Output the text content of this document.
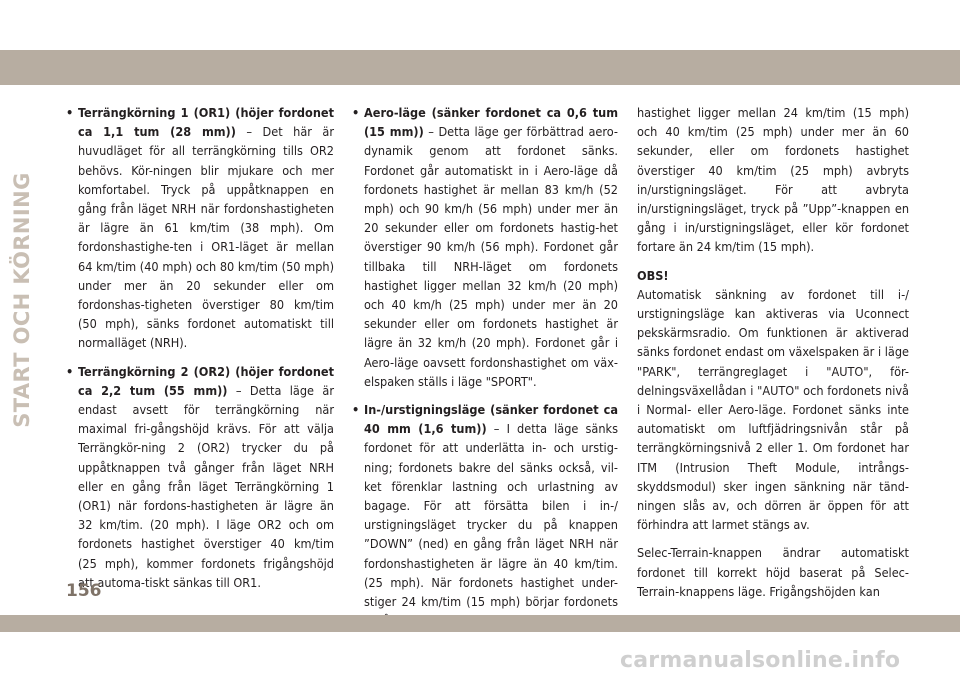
START OCH KÖRNING
• Terrängkörning 1 (OR1) (höjer fordonet ca 1,1 tum (28 mm)) – Det här är huvudläget för all terrängkörning tills OR2 behövs. Kör-ningen blir mjukare och mer komfortabel. Tryck på uppåtknappen en gång från läget NRH när fordonshastigheten är lägre än 61 km/tim (38 mph). Om fordonshastighe-ten i OR1-läget är mellan 64 km/tim (40 mph) och 80 km/tim (50 mph) under mer än 20 sekunder eller om fordonshas-tigheten överstiger 80 km/tim (50 mph), sänks fordonet automatiskt till normalläget (NRH).
• Terrängkörning 2 (OR2) (höjer fordonet ca 2,2 tum (55 mm)) – Detta läge är endast avsett för terrängkörning när maximal fri-gångshöjd krävs. För att välja Terrängkör-ning 2 (OR2) trycker du på uppåtknappen två gånger från läget NRH eller en gång från läget Terrängkörning 1 (OR1) när fordons-hastigheten är lägre än 32 km/tim. (20 mph). I läge OR2 och om fordonets hastighet överstiger 40 km/tim (25 mph), kommer fordonets frigångshöjd att automa-tiskt sänkas till OR1.
• Aero-läge (sänker fordonet ca 0,6 tum (15 mm)) – Detta läge ger förbättrad aero-dynamik genom att fordonet sänks. Fordonet går automatiskt in i Aero-läge då fordonets hastighet är mellan 83 km/h (52 mph) och 90 km/h (56 mph) under mer än 20 sekunder eller om fordonets hastig-het överstiger 90 km/h (56 mph). Fordonet går tillbaka till NRH-läget om fordonets hastighet ligger mellan 32 km/h (20 mph) och 40 km/h (25 mph) under mer än 20 sekunder eller om fordonets hastighet är lägre än 32 km/h (20 mph). Fordonet går i Aero-läge oavsett fordonshastighet om väx-elspaken ställs i läge "SPORT".
• In-/urstigningsläge (sänker fordonet ca 40 mm (1,6 tum)) – I detta läge sänks fordonet för att underlätta in- och urstig-ning; fordonets bakre del sänks också, vil-ket förenklar lastning och urlastning av bagage. För att försätta bilen i in-/ urstigningsläget trycker du på knappen ”DOWN” (ned) en gång från läget NRH när fordonshastigheten är lägre än 40 km/tim. (25 mph). När fordonets hastighet under-stiger 24 km/tim (15 mph) börjar fordonets

hastighet ligger mellan 24 km/tim (15 mph) och 40 km/tim (25 mph) under mer än 60 sekunder, eller om fordonets hastighet överstiger 40 km/tim (25 mph) avbryts in/urstigningsläget. För att avbryta in/urstigningsläget, tryck på ”Upp”-knappen en gång i in/urstigningsläget, eller kör fordonet fortare än 24 km/tim (15 mph).

OBS!

Automatisk sänkning av fordonet till i-/ urstigningsläge kan aktiveras via Uconnect pekskärmsradio. Om funktionen är aktiverad sänks fordonet endast om växelspaken är i läge "PARK", terrängreglaget i "AUTO", för-delningsväxellådan i "AUTO" och fordonets nivå i Normal- eller Aero-läge. Fordonet sänks inte automatiskt om luftfjädringsnivån står på terrängkörningsnivå 2 eller 1. Om fordonet har ITM (Intrusion Theft Module, intrångs-skyddsmodul) sker ingen sänkning när tänd-ningen slås av, och dörren är öppen för att förhindra att larmet stängs av.

Selec-Terrain-knappen ändrar automatiskt fordonet till korrekt höjd baserat på Selec-Terrain-knappens läge. Frigångshöjden kan

156
carmanualsonline.info
